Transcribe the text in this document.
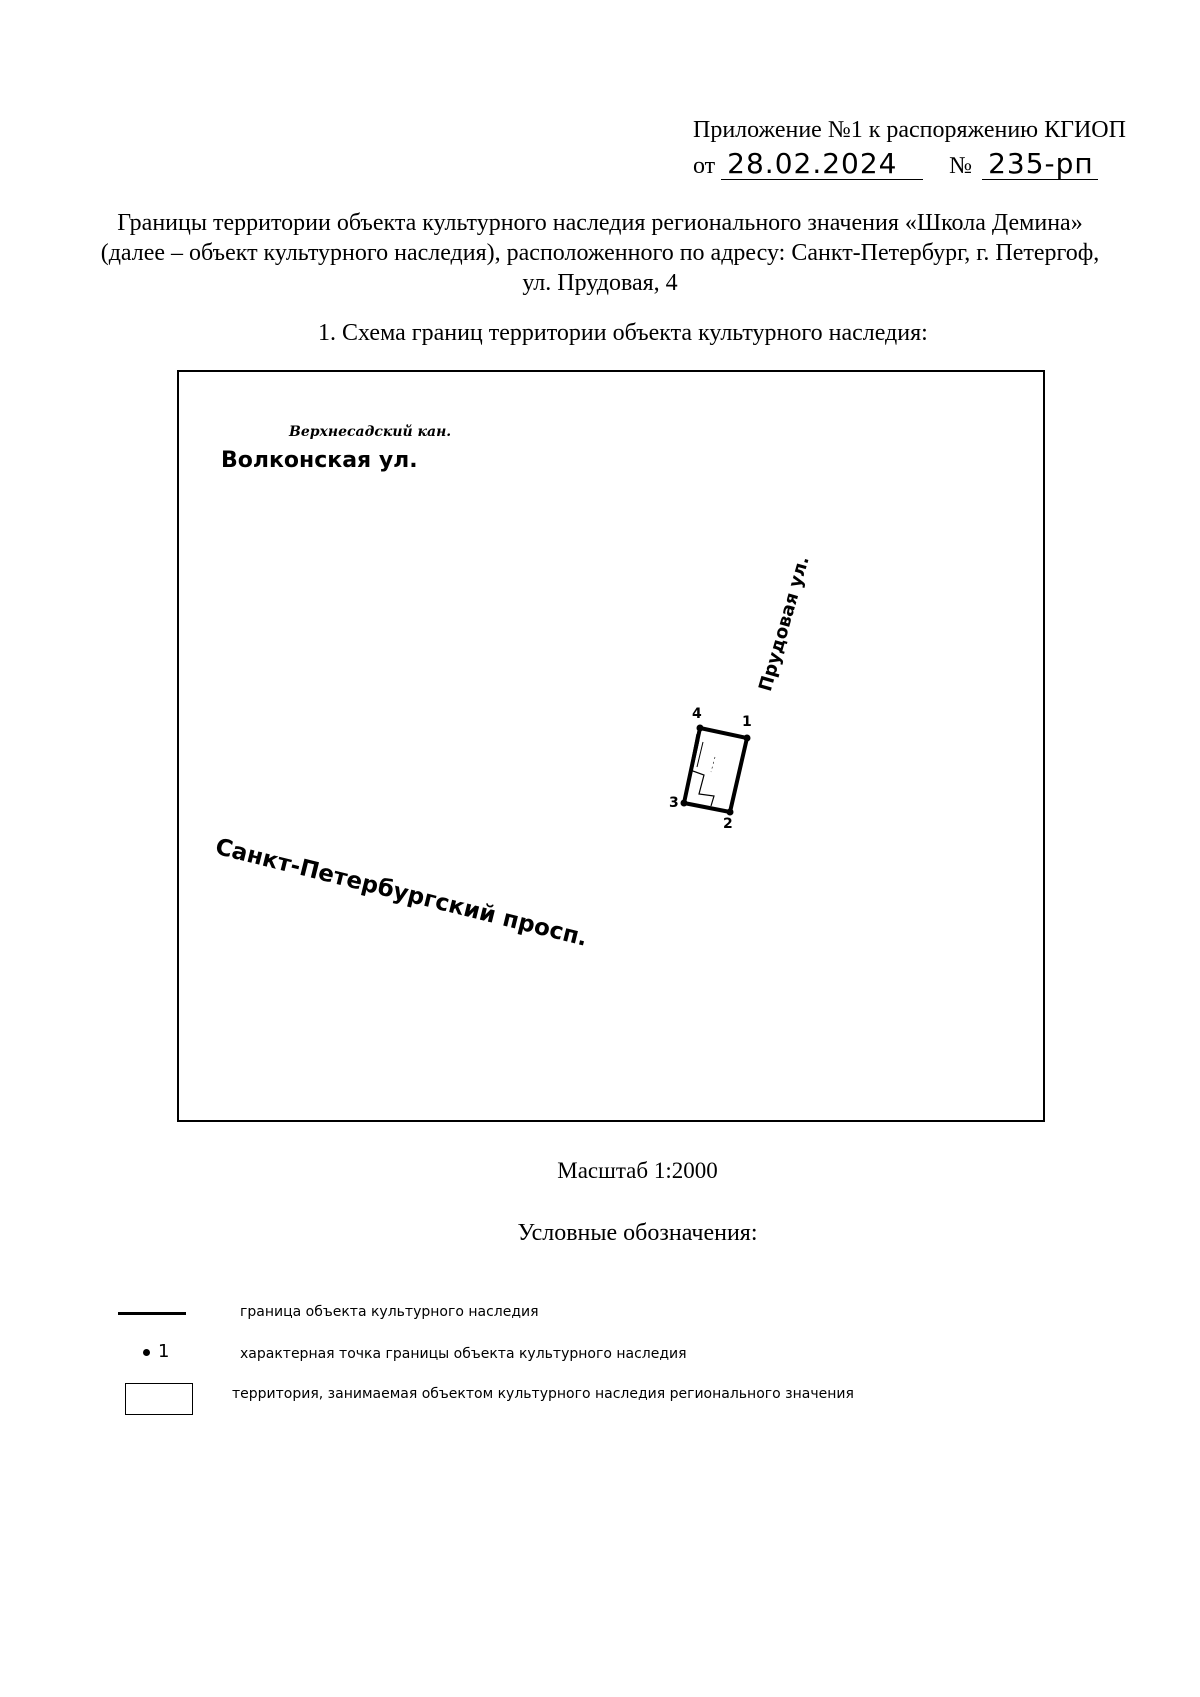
Приложение №1 к распоряжению КГИОП
от 28.02.2024	№ 235-рп
Границы территории объекта культурного наследия регионального значения «Школа Демина»
(далее – объект культурного наследия), расположенного по адресу: Санкт-Петербург, г. Петергоф,
ул. Прудовая, 4
1. Схема границ территории объекта культурного наследия:
Верхнесадский кан.
Волконская ул.
Санкт-Петербургский просп.
Прудовая ул.
1
2
3
4
Масштаб 1:2000
Условные обозначения:
граница объекта культурного наследия
1	характерная точка границы объекта культурного наследия
территория, занимаемая объектом культурного наследия регионального значения
